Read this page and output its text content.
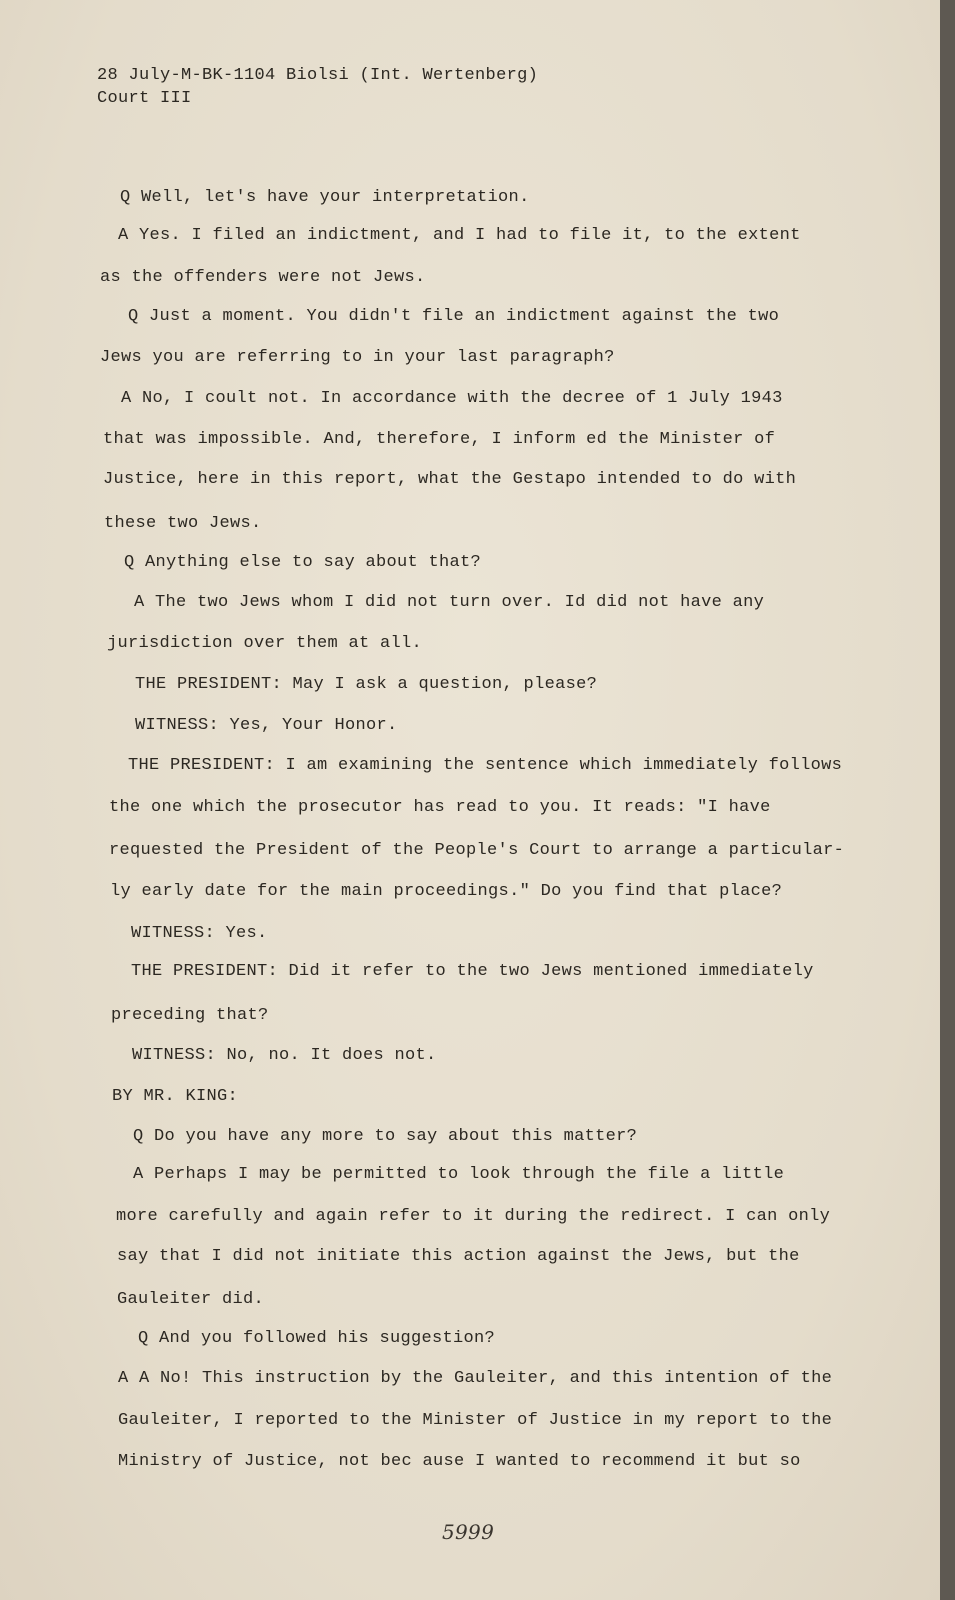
28 July-M-BK-1104 Biolsi (Int. Wertenberg)
Court III
Q Well, let's have your interpretation.
A Yes. I filed an indictment, and I had to file it, to the extent
as the offenders were not Jews.
Q Just a moment. You didn't file an indictment against the two
Jews you are referring to in your last paragraph?
A No, I coult not. In accordance with the decree of 1 July 1943
that was impossible. And, therefore, I inform ed the Minister of
Justice, here in this report, what the Gestapo intended to do with
these two Jews.
Q Anything else to say about that?
A The two Jews whom I did not turn over. Id did not have any
jurisdiction over them at all.
THE PRESIDENT: May I ask a question, please?
WITNESS: Yes, Your Honor.
THE PRESIDENT: I am examining the sentence which immediately follows
the one which the prosecutor has read to you. It reads: "I have
requested the President of the People's Court to arrange a particular-
ly early date for the main proceedings." Do you find that place?
WITNESS: Yes.
THE PRESIDENT: Did it refer to the two Jews mentioned immediately
preceding that?
WITNESS: No, no. It does not.
BY MR. KING:
Q Do you have any more to say about this matter?
A Perhaps I may be permitted to look through the file a little
more carefully and again refer to it during the redirect. I can only
say that I did not initiate this action against the Jews, but the
Gauleiter did.
Q And you followed his suggestion?
A A No! This instruction by the Gauleiter, and this intention of the
Gauleiter, I reported to the Minister of Justice in my report to the
Ministry of Justice, not bec ause I wanted to recommend it but so
5999
